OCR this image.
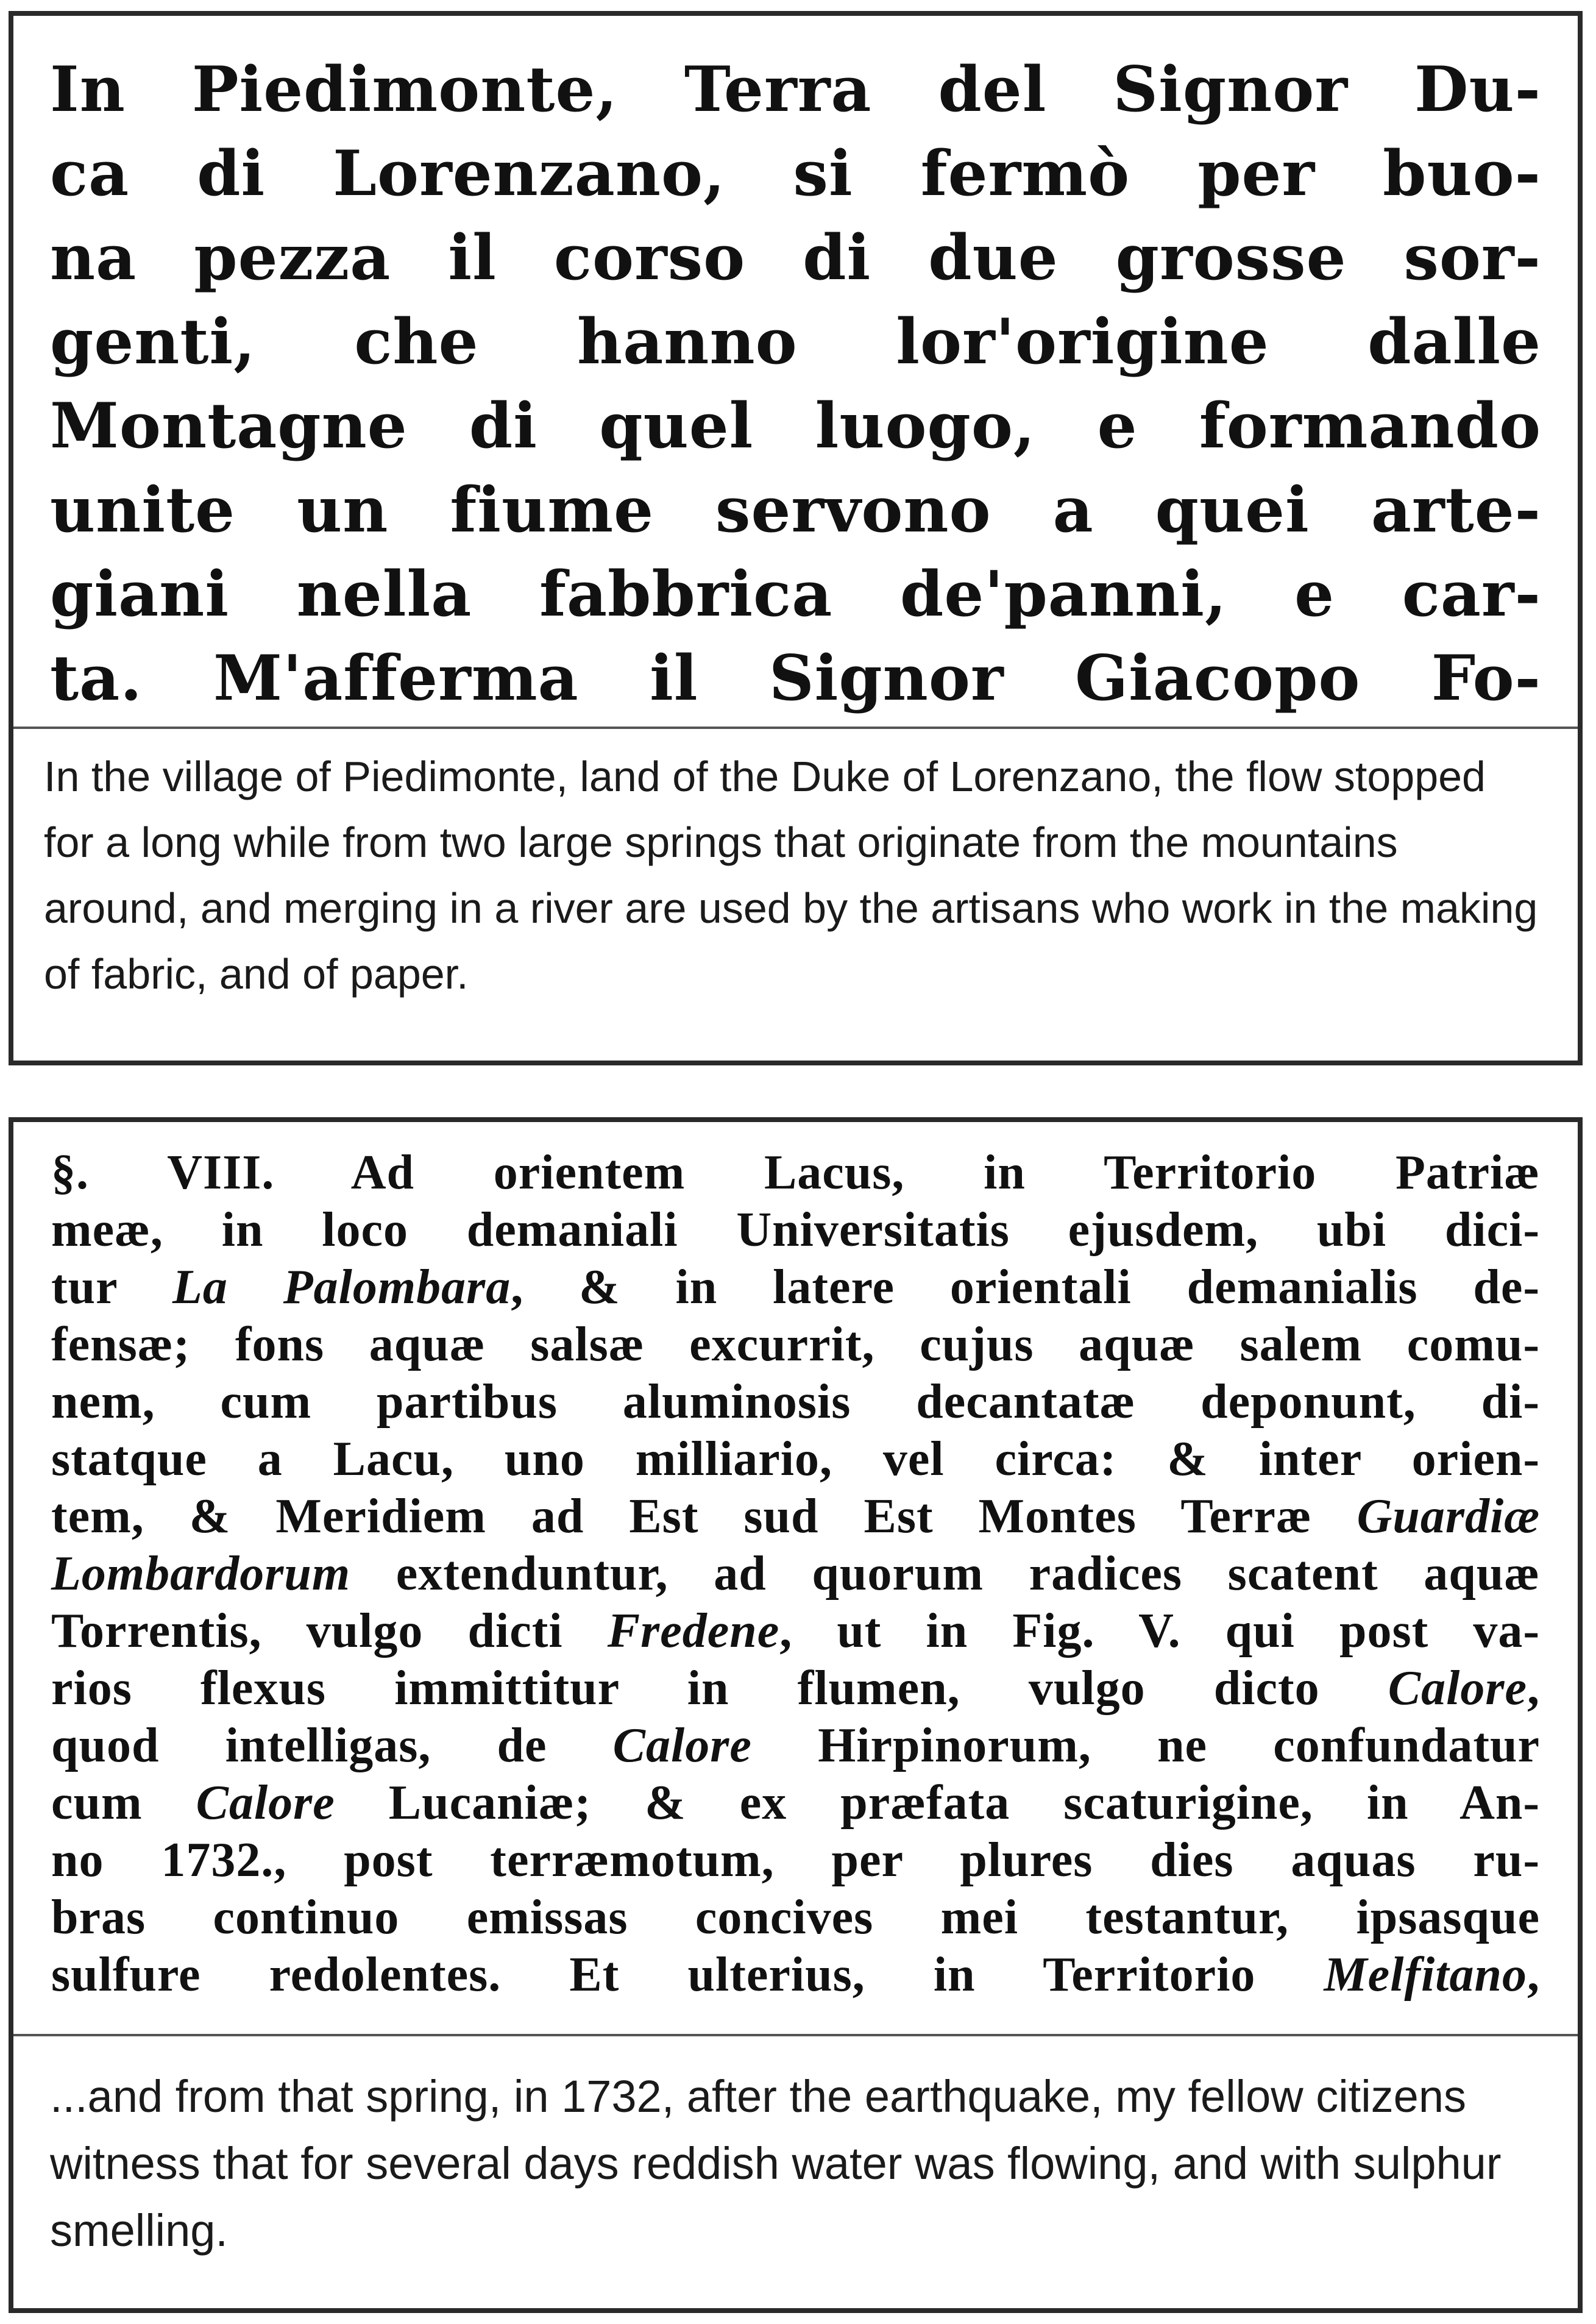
In Piedimonte, Terra del Signor Du-
ca di Lorenzano, si fermò per buo-
na pezza il corso di due grosse sor-
genti, che hanno lor'origine dalle
Montagne di quel luogo, e formando
unite un fiume servono a quei arte-
giani nella fabbrica de'panni, e car-
ta. M'afferma il Signor Giacopo Fo-
In the village of Piedimonte, land of the Duke of Lorenzano, the flow stopped for a long while from two large springs that originate from the mountains around, and merging in a river are used by the artisans who work in the making of fabric, and of paper.
§. VIII. Ad orientem Lacus, in Territorio Patriæ
meæ, in loco demaniali Universitatis ejusdem, ubi dici-
tur La Palombara, & in latere orientali demanialis de-
fensæ; fons aquæ salsæ excurrit, cujus aquæ salem comu-
nem, cum partibus aluminosis decantatæ deponunt, di-
statque a Lacu, uno milliario, vel circa: & inter orien-
tem, & Meridiem ad Est sud Est Montes Terræ Guardiæ
Lombardorum extenduntur, ad quorum radices scatent aquæ
Torrentis, vulgo dicti Fredene, ut in Fig. V. qui post va-
rios flexus immittitur in flumen, vulgo dicto Calore,
quod intelligas, de Calore Hirpinorum, ne confundatur
cum Calore Lucaniæ; & ex præfata scaturigine, in An-
no 1732., post terræmotum, per plures dies aquas ru-
bras continuo emissas concives mei testantur, ipsasque
sulfure redolentes. Et ulterius, in Territorio Melfitano,
...and from that spring, in 1732, after the earthquake, my fellow citizens witness that for several days reddish water was flowing, and with sulphur smelling.
